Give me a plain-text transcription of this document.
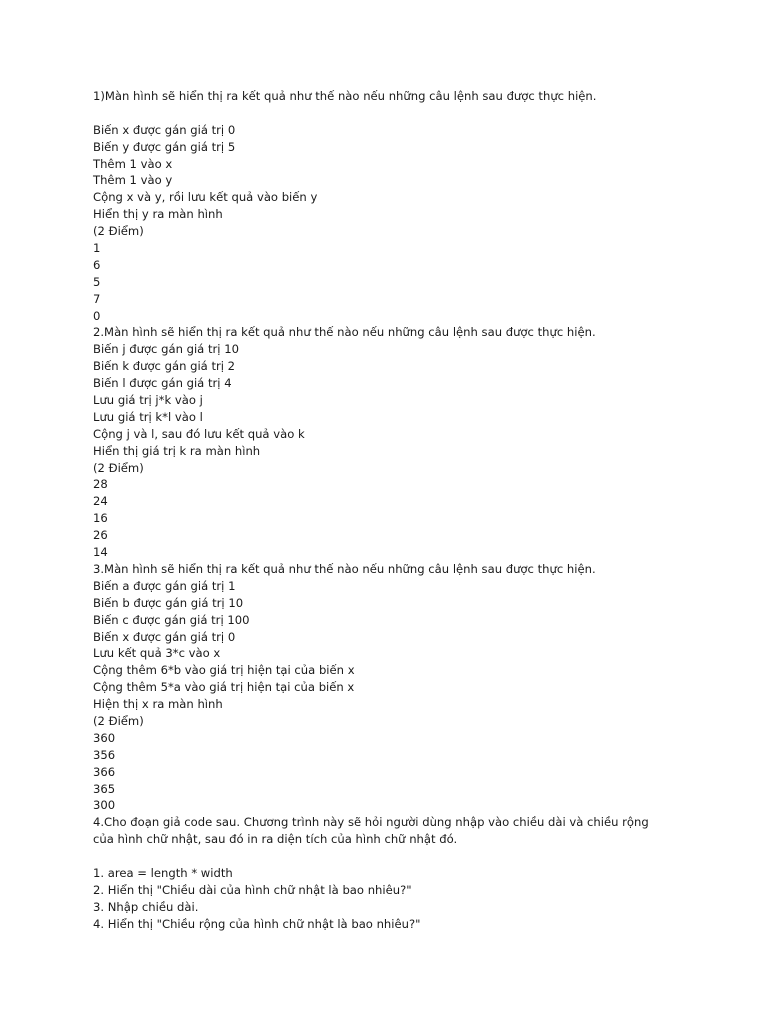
1)Màn hình sẽ hiển thị ra kết quả như thế nào nếu những câu lệnh sau được thực hiện.
Biến x được gán giá trị 0
Biến y được gán giá trị 5
Thêm 1 vào x
Thêm 1 vào y
Cộng x và y, rồi lưu kết quả vào biến y
Hiển thị y ra màn hình
(2 Điểm)
1
6
5
7
0
2.Màn hình sẽ hiển thị ra kết quả như thế nào nếu những câu lệnh sau được thực hiện.
Biến j được gán giá trị 10
Biến k được gán giá trị 2
Biến l được gán giá trị 4
Lưu giá trị j*k vào j
Lưu giá trị k*l vào l
Cộng j và l, sau đó lưu kết quả vào k
Hiển thị giá trị k ra màn hình
(2 Điểm)
28
24
16
26
14
3.Màn hình sẽ hiển thị ra kết quả như thế nào nếu những câu lệnh sau được thực hiện.
Biến a được gán giá trị 1
Biến b được gán giá trị 10
Biến c được gán giá trị 100
Biến x được gán giá trị 0
Lưu kết quả 3*c vào x
Cộng thêm 6*b vào giá trị hiện tại của biến x
Cộng thêm 5*a vào giá trị hiện tại của biến x
Hiện thị x ra màn hình
(2 Điểm)
360
356
366
365
300
4.Cho đoạn giả code sau. Chương trình này sẽ hỏi người dùng nhập vào chiều dài và chiều rộng
của hình chữ nhật, sau đó in ra diện tích của hình chữ nhật đó.
1. area = length * width
2. Hiển thị "Chiều dài của hình chữ nhật là bao nhiêu?"
3. Nhập chiều dài.
4. Hiển thị "Chiều rộng của hình chữ nhật là bao nhiêu?"
